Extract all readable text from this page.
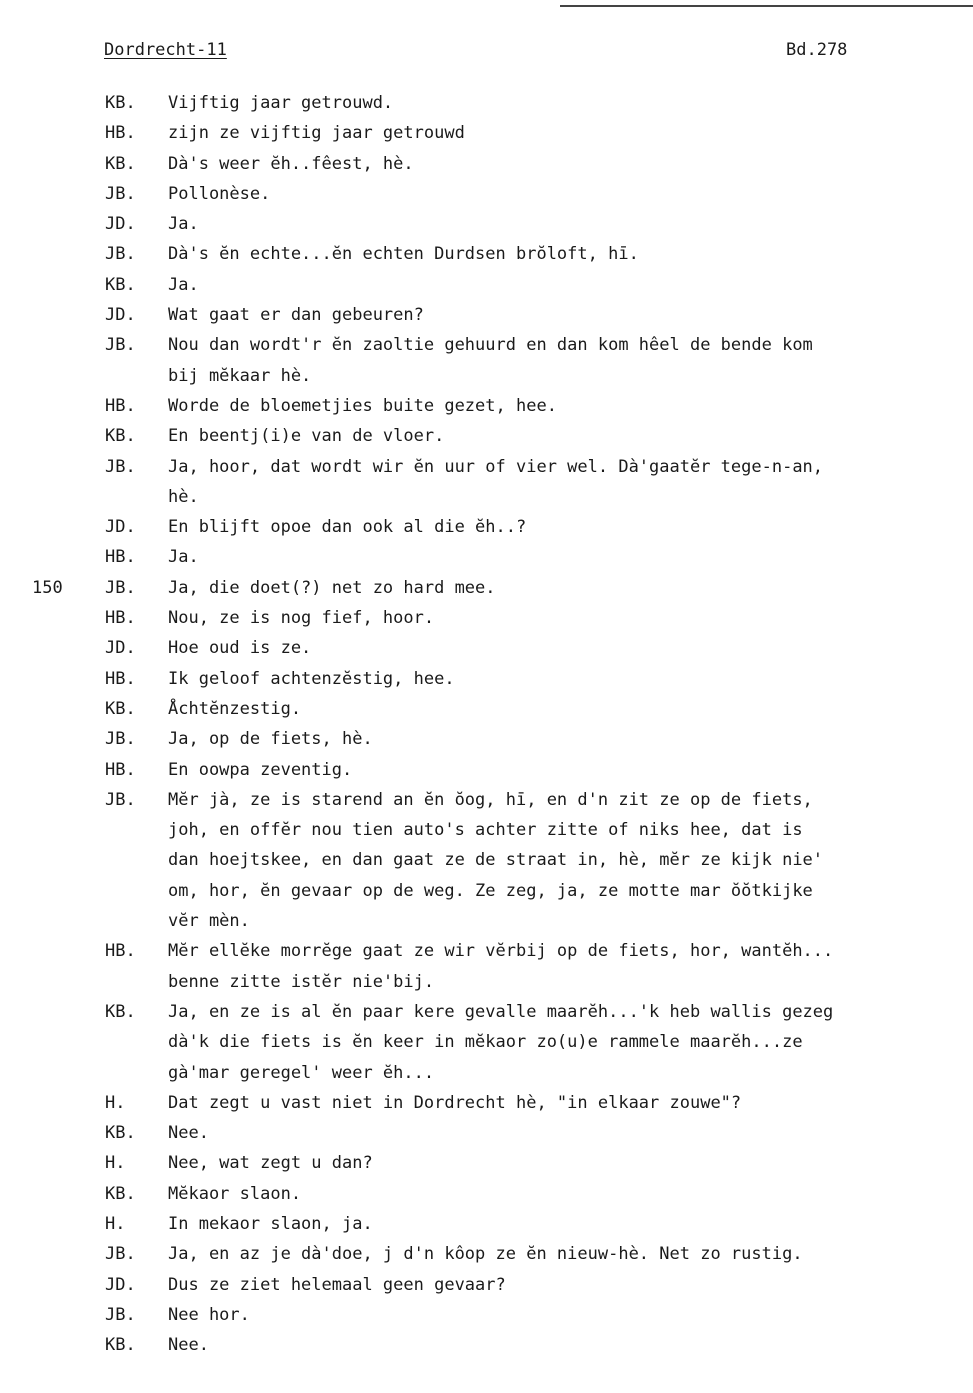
Dordrecht-11	Bd.278
KB. Vijftig jaar getrouwd.
HB. zijn ze vijftig jaar getrouwd
KB. Dà's weer ĕh..fêest, hè.
JB. Pollonèse.
JD. Ja.
JB. Dà's ĕn echte...ĕn echten Durdsen brŏloft, hī.
KB. Ja.
JD. Wat gaat er dan gebeuren?
JB. Nou dan wordt'r ĕn zaoltie gehuurd en dan kom hêel de bende kom
bij mĕkaar hè.
HB. Worde de bloemetjies buite gezet, hee.
KB. En beentj(i)e van de vloer.
JB. Ja, hoor, dat wordt wir ĕn uur of vier wel. Dà'gaatĕr tege-n-an,
hè.
JD. En blijft opoe dan ook al die ĕh..?
HB. Ja.
150 JB. Ja, die doet(?) net zo hard mee.
HB. Nou, ze is nog fief, hoor.
JD. Hoe oud is ze.
HB. Ik geloof achtenzĕstig, hee.
KB. Åchtĕnzestig.
JB. Ja, op de fiets, hè.
HB. En oowpa zeventig.
JB. Mĕr jà, ze is starend an ĕn ŏog, hī, en d'n zit ze op de fiets,
joh, en offĕr nou tien auto's achter zitte of niks hee, dat is
dan hoejtskee, en dan gaat ze de straat in, hè, mĕr ze kijk nie'
om, hor, ĕn gevaar op de weg. Ze zeg, ja, ze motte mar ŏŏtkijke
vĕr mèn.
HB. Mĕr ellĕke morrĕge gaat ze wir vĕrbij op de fiets, hor, wantĕh...
benne zitte istĕr nie'bij.
KB. Ja, en ze is al ĕn paar kere gevalle maarĕh...'k heb wallis gezeg
dà'k die fiets is ĕn keer in mĕkaor zo(u)e rammele maarĕh...ze
gà'mar geregel' weer ĕh...
H.	Dat zegt u vast niet in Dordrecht hè, "in elkaar zouwe"?
KB. Nee.
H.	Nee, wat zegt u dan?
KB. Mĕkaor slaon.
H.	In mekaor slaon, ja.
JB. Ja, en az je dà'doe, j d'n kôop ze ĕn nieuw-hè. Net zo rustig.
JD. Dus ze ziet helemaal geen gevaar?
JB. Nee hor.
KB. Nee.
